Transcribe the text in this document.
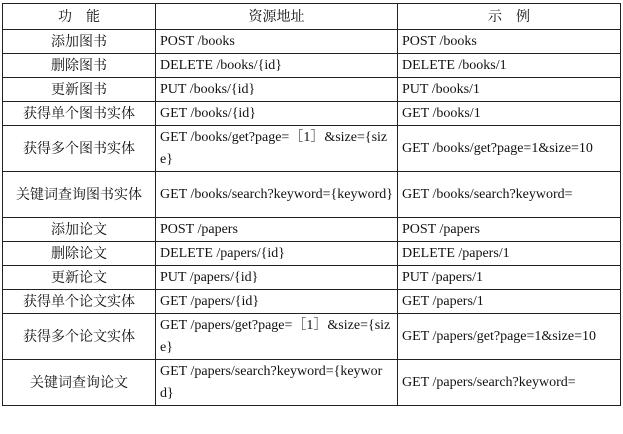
功　能	资源地址	示　例
添加图书	POST /books	POST /books
删除图书	DELETE /books/{id}	DELETE /books/1
更新图书	PUT /books/{id}	PUT /books/1
获得单个图书实体	GET /books/{id}	GET /books/1
获得多个图书实体	GET /books/get?page=［1］&size={size}	GET /books/get?page=1&size=10
关键词查询图书实体	GET /books/search?keyword={keyword}	GET /books/search?keyword=
添加论文	POST /papers	POST /papers
删除论文	DELETE /papers/{id}	DELETE /papers/1
更新论文	PUT /papers/{id}	PUT /papers/1
获得单个论文实体	GET /papers/{id}	GET /papers/1
获得多个论文实体	GET /papers/get?page=［1］&size={size}	GET /papers/get?page=1&size=10
关键词查询论文	GET /papers/search?keyword={keyword}	GET /papers/search?keyword=
